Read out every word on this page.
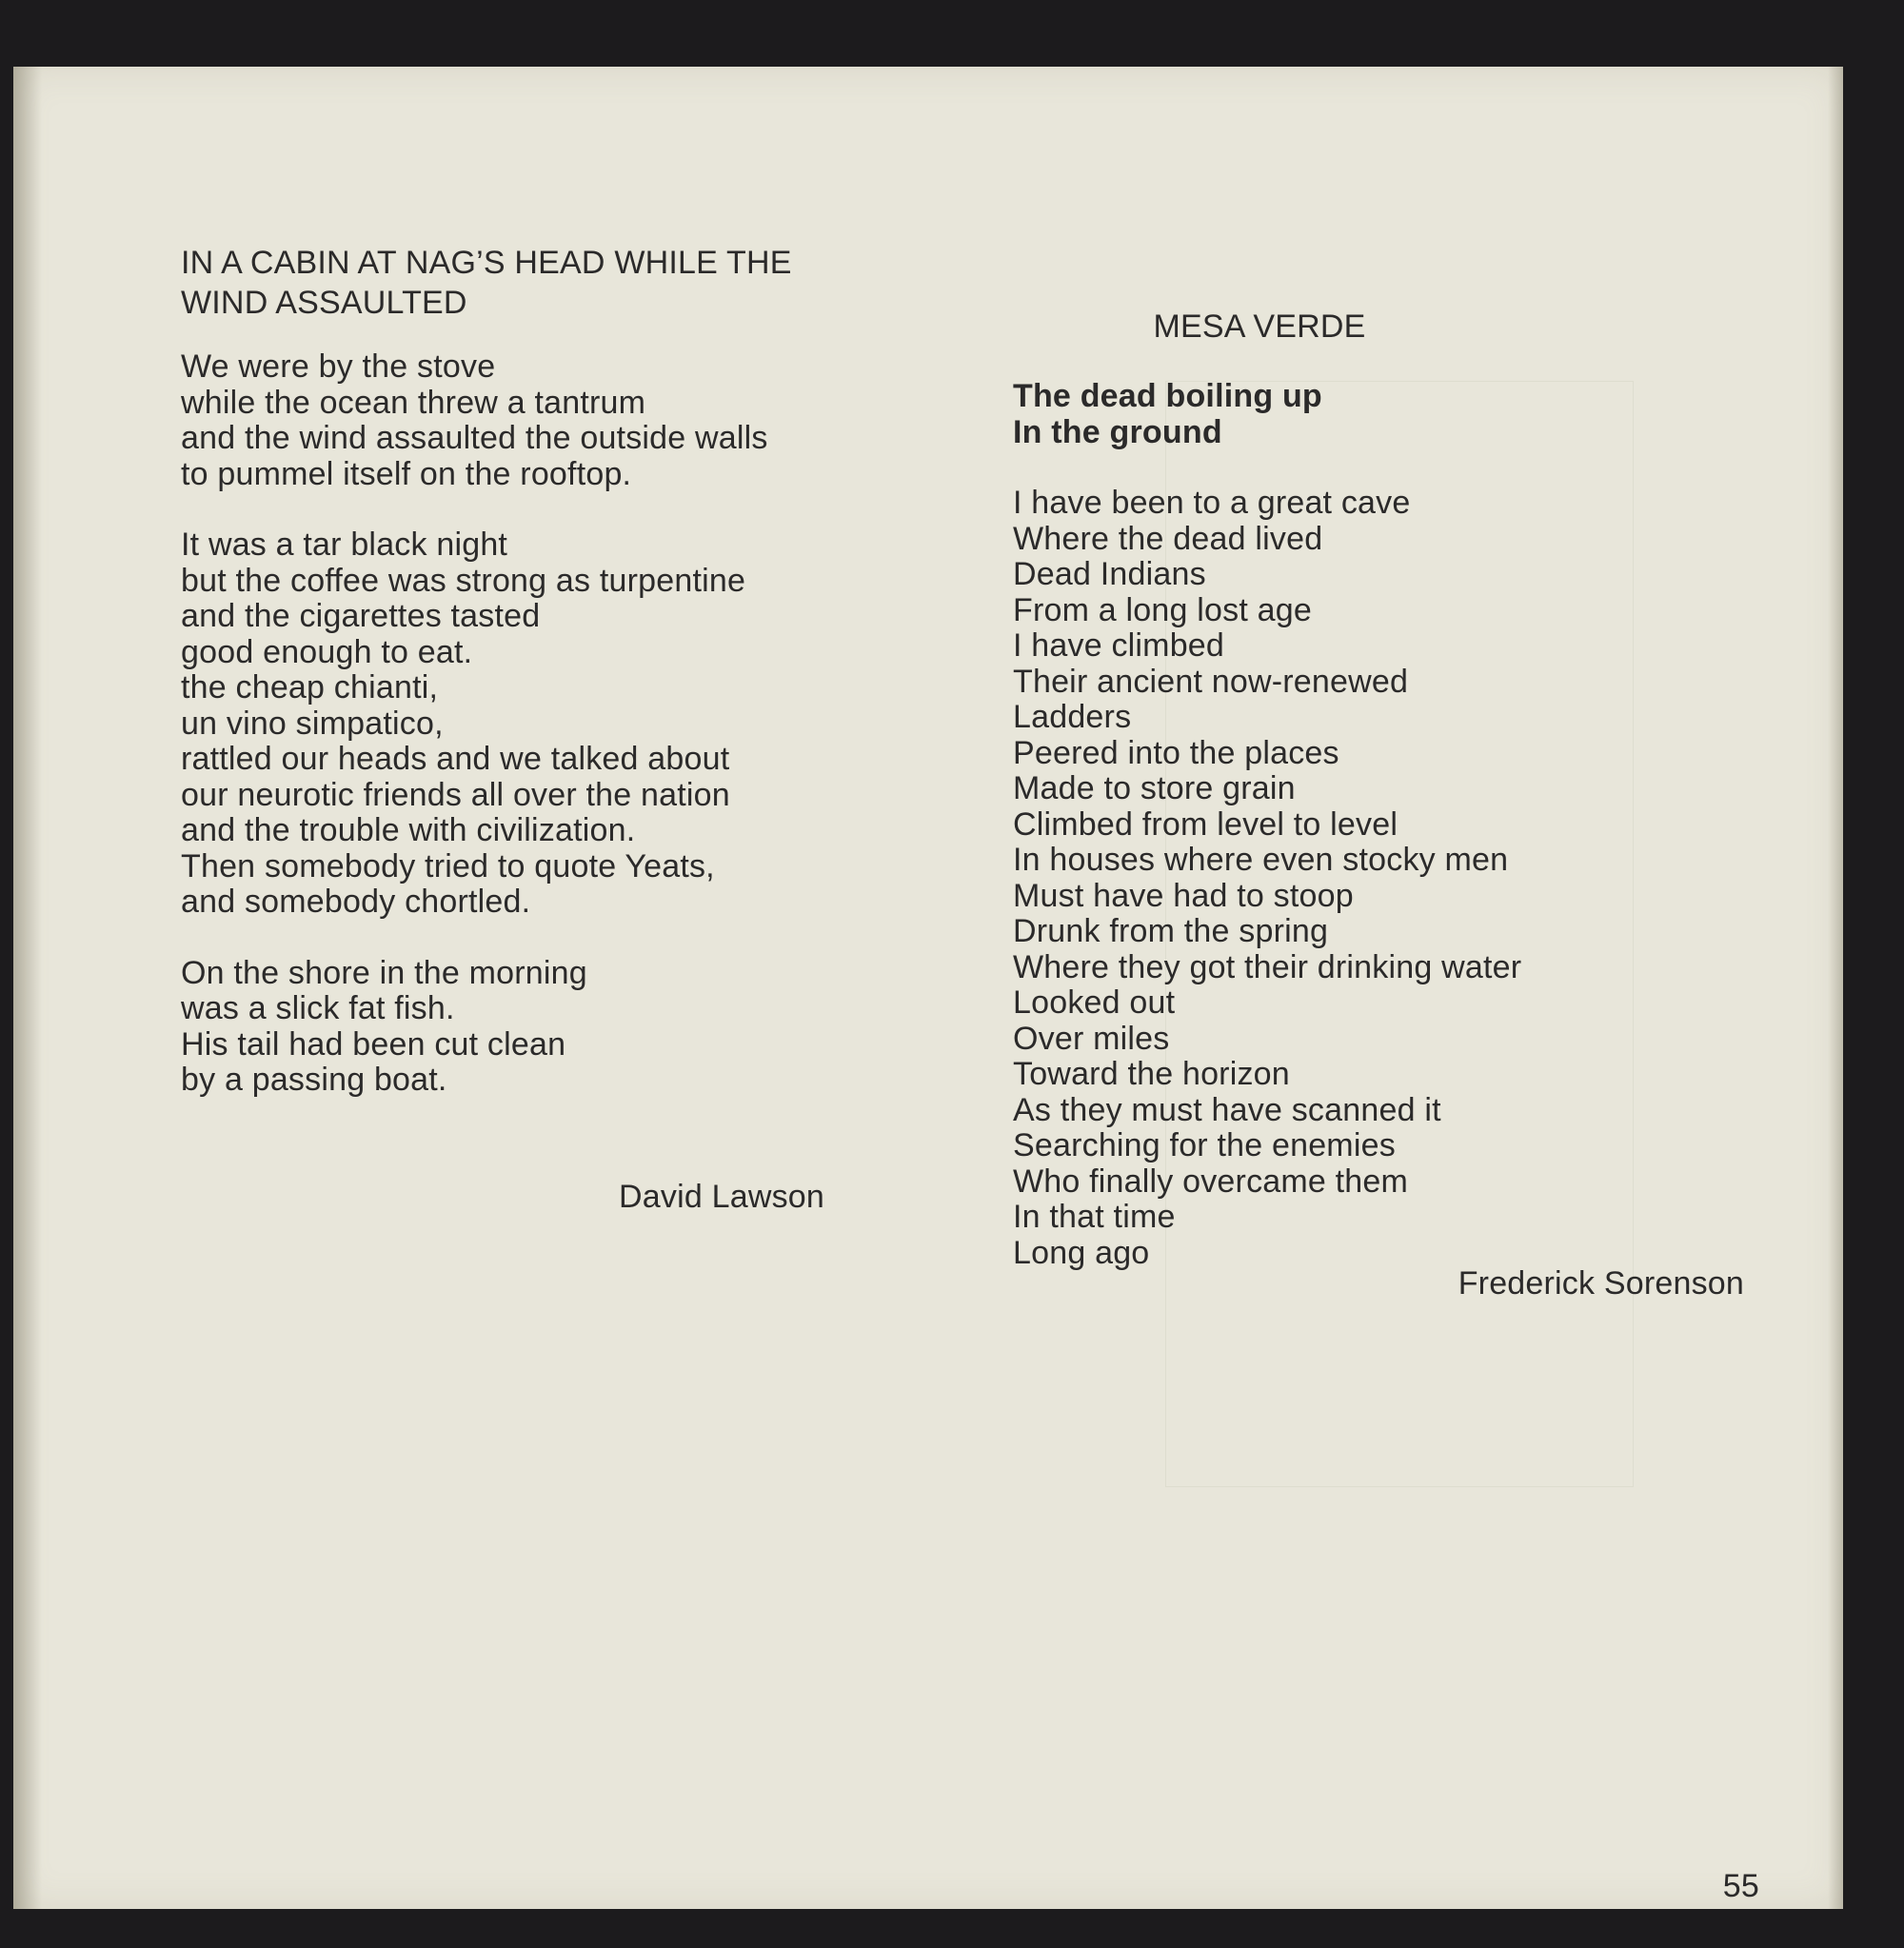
IN A CABIN AT NAG’S HEAD WHILE THE
WIND ASSAULTED
We were by the stove
while the ocean threw a tantrum
and the wind assaulted the outside walls
to pummel itself on the rooftop.
It was a tar black night
but the coffee was strong as turpentine
and the cigarettes tasted
good enough to eat.
the cheap chianti,
un vino simpatico,
rattled our heads and we talked about
our neurotic friends all over the nation
and the trouble with civilization.
Then somebody tried to quote Yeats,
and somebody chortled.
On the shore in the morning
was a slick fat fish.
His tail had been cut clean
by a passing boat.
David Lawson
MESA VERDE
The dead boiling up
In the ground
I have been to a great cave
Where the dead lived
Dead Indians
From a long lost age
I have climbed
Their ancient now-renewed
Ladders
Peered into the places
Made to store grain
Climbed from level to level
In houses where even stocky men
Must have had to stoop
Drunk from the spring
Where they got their drinking water
Looked out
Over miles
Toward the horizon
As they must have scanned it
Searching for the enemies
Who finally overcame them
In that time
Long ago
Frederick Sorenson
55
